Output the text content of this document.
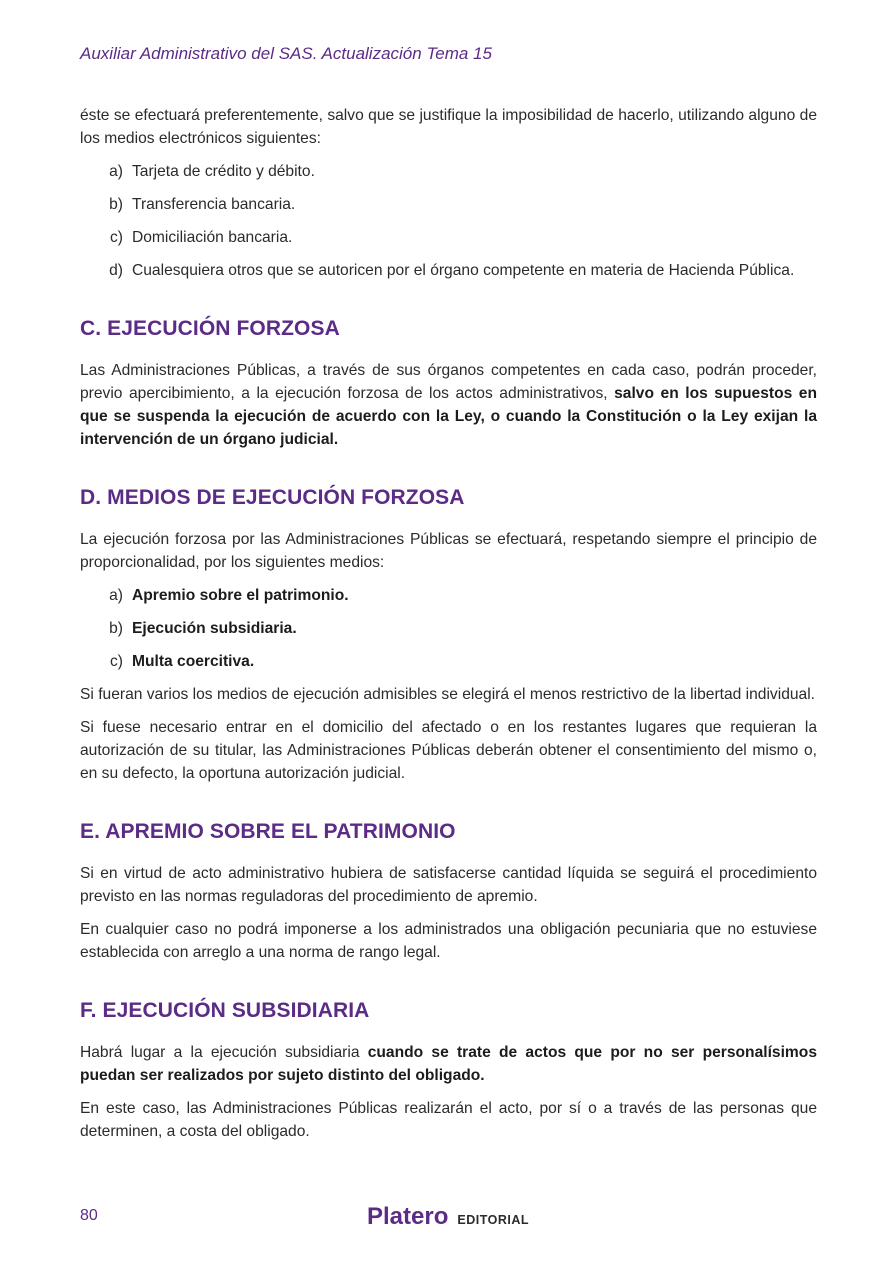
Auxiliar Administrativo del SAS. Actualización Tema 15

éste se efectuará preferentemente, salvo que se justifique la imposibilidad de hacerlo, utilizando alguno de los medios electrónicos siguientes:

a) Tarjeta de crédito y débito.
b) Transferencia bancaria.
c) Domiciliación bancaria.
d) Cualesquiera otros que se autoricen por el órgano competente en materia de Hacienda Pública.
C. EJECUCIÓN FORZOSA

Las Administraciones Públicas, a través de sus órganos competentes en cada caso, podrán proceder, previo apercibimiento, a la ejecución forzosa de los actos administrativos, salvo en los supuestos en que se suspenda la ejecución de acuerdo con la Ley, o cuando la Constitución o la Ley exijan la intervención de un órgano judicial.

D. MEDIOS DE EJECUCIÓN FORZOSA

La ejecución forzosa por las Administraciones Públicas se efectuará, respetando siempre el principio de proporcionalidad, por los siguientes medios:

a) Apremio sobre el patrimonio.
b) Ejecución subsidiaria.
c) Multa coercitiva.

Si fueran varios los medios de ejecución admisibles se elegirá el menos restrictivo de la libertad individual.

Si fuese necesario entrar en el domicilio del afectado o en los restantes lugares que requieran la autorización de su titular, las Administraciones Públicas deberán obtener el consentimiento del mismo o, en su defecto, la oportuna autorización judicial.

E. APREMIO SOBRE EL PATRIMONIO

Si en virtud de acto administrativo hubiera de satisfacerse cantidad líquida se seguirá el procedimiento previsto en las normas reguladoras del procedimiento de apremio.

En cualquier caso no podrá imponerse a los administrados una obligación pecuniaria que no estuviese establecida con arreglo a una norma de rango legal.

F. EJECUCIÓN SUBSIDIARIA

Habrá lugar a la ejecución subsidiaria cuando se trate de actos que por no ser personalísimos puedan ser realizados por sujeto distinto del obligado.

En este caso, las Administraciones Públicas realizarán el acto, por sí o a través de las personas que determinen, a costa del obligado.

80	Platero EDITORIAL
